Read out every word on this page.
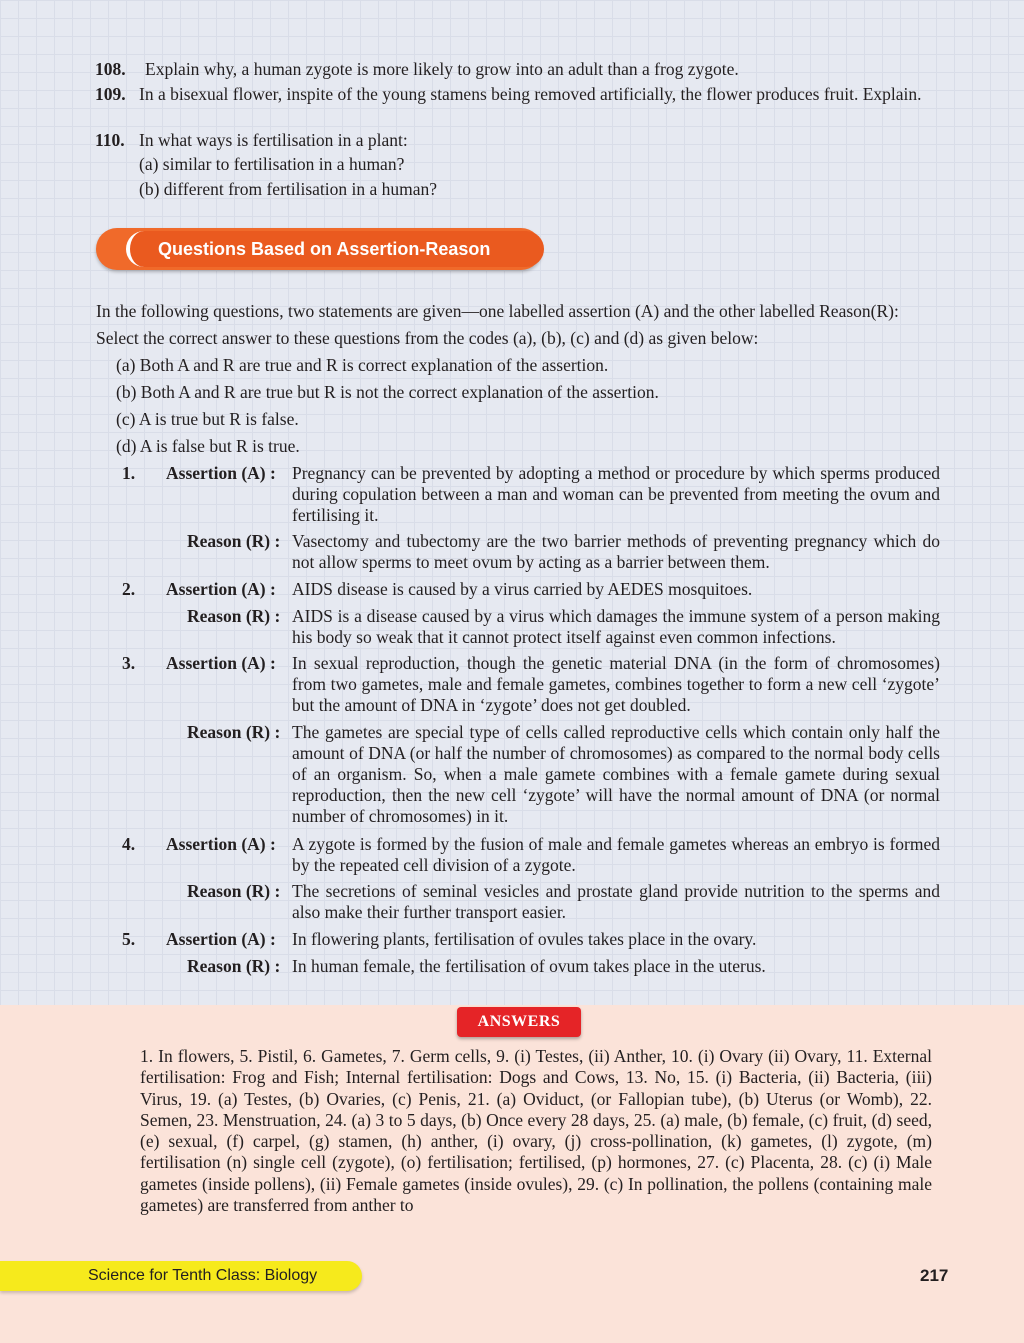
108. Explain why, a human zygote is more likely to grow into an adult than a frog zygote.
109. In a bisexual flower, inspite of the young stamens being removed artificially, the flower produces fruit. Explain.
110. In what ways is fertilisation in a plant:
(a) similar to fertilisation in a human?
(b) different from fertilisation in a human?
Questions Based on Assertion-Reason
In the following questions, two statements are given—one labelled assertion (A) and the other labelled Reason(R): Select the correct answer to these questions from the codes (a), (b), (c) and (d) as given below:
(a) Both A and R are true and R is correct explanation of the assertion.
(b) Both A and R are true but R is not the correct explanation of the assertion.
(c) A is true but R is false.
(d) A is false but R is true.
1. Assertion (A) : Pregnancy can be prevented by adopting a method or procedure by which sperms produced during copulation between a man and woman can be prevented from meeting the ovum and fertilising it.
Reason (R) : Vasectomy and tubectomy are the two barrier methods of preventing pregnancy which do not allow sperms to meet ovum by acting as a barrier between them.
2. Assertion (A) : AIDS disease is caused by a virus carried by AEDES mosquitoes.
Reason (R) : AIDS is a disease caused by a virus which damages the immune system of a person making his body so weak that it cannot protect itself against even common infections.
3. Assertion (A) : In sexual reproduction, though the genetic material DNA (in the form of chromosomes) from two gametes, male and female gametes, combines together to form a new cell ‘zygote’ but the amount of DNA in ‘zygote’ does not get doubled.
Reason (R) : The gametes are special type of cells called reproductive cells which contain only half the amount of DNA (or half the number of chromosomes) as compared to the normal body cells of an organism. So, when a male gamete combines with a female gamete during sexual reproduction, then the new cell ‘zygote’ will have the normal amount of DNA (or normal number of chromosomes) in it.
4. Assertion (A) : A zygote is formed by the fusion of male and female gametes whereas an embryo is formed by the repeated cell division of a zygote.
Reason (R) : The secretions of seminal vesicles and prostate gland provide nutrition to the sperms and also make their further transport easier.
5. Assertion (A) : In flowering plants, fertilisation of ovules takes place in the ovary.
Reason (R) : In human female, the fertilisation of ovum takes place in the uterus.
ANSWERS
1. In flowers, 5. Pistil, 6. Gametes, 7. Germ cells, 9. (i) Testes, (ii) Anther, 10. (i) Ovary (ii) Ovary, 11. External fertilisation: Frog and Fish; Internal fertilisation: Dogs and Cows, 13. No, 15. (i) Bacteria, (ii) Bacteria, (iii) Virus, 19. (a) Testes, (b) Ovaries, (c) Penis, 21. (a) Oviduct, (or Fallopian tube), (b) Uterus (or Womb), 22. Semen, 23. Menstruation, 24. (a) 3 to 5 days, (b) Once every 28 days, 25. (a) male, (b) female, (c) fruit, (d) seed, (e) sexual, (f) carpel, (g) stamen, (h) anther, (i) ovary, (j) cross-pollination, (k) gametes, (l) zygote, (m) fertilisation (n) single cell (zygote), (o) fertilisation; fertilised, (p) hormones, 27. (c) Placenta, 28. (c) (i) Male gametes (inside pollens), (ii) Female gametes (inside ovules), 29. (c) In pollination, the pollens (containing male gametes) are transferred from anther to
Science for Tenth Class: Biology	217
